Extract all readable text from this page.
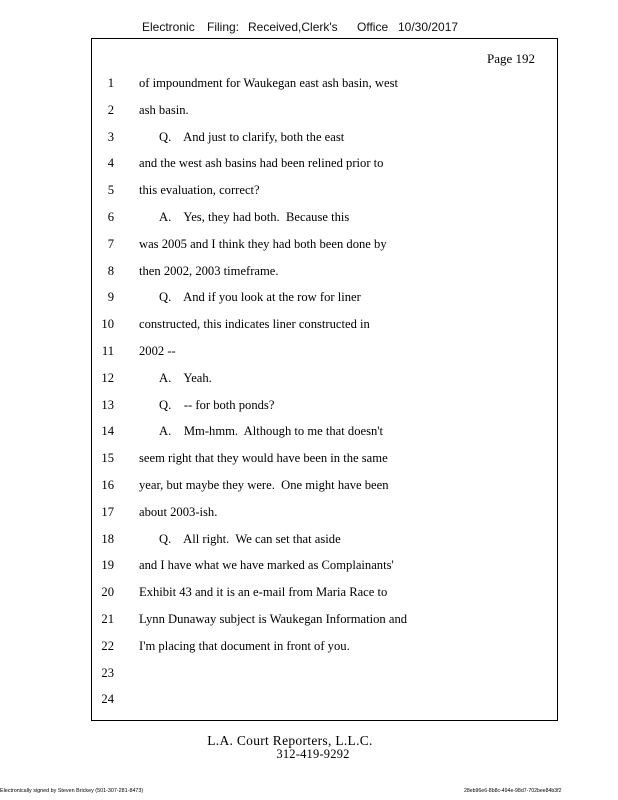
Electronic Filing: Received,Clerk's Office 10/30/2017
Page 192
1 of impoundment for Waukegan east ash basin, west
2 ash basin.
3	Q.    And just to clarify, both the east
4 and the west ash basins had been relined prior to
5 this evaluation, correct?
6	A.    Yes, they had both.  Because this
7 was 2005 and I think they had both been done by
8 then 2002, 2003 timeframe.
9	Q.    And if you look at the row for liner
10 constructed, this indicates liner constructed in
11 2002 --
12	A.    Yeah.
13	Q.    -- for both ponds?
14	A.    Mm-hmm.  Although to me that doesn't
15 seem right that they would have been in the same
16 year, but maybe they were.  One might have been
17 about 2003-ish.
18	Q.    All right.  We can set that aside
19 and I have what we have marked as Complainants'
20 Exhibit 43 and it is an e-mail from Maria Race to
21 Lynn Dunaway subject is Waukegan Information and
22 I'm placing that document in front of you.
23
24
L.A. Court Reporters, L.L.C.
312-419-9292
Electronically signed by Steven Brickey (501-307-281-8473)	28eb96e6-8b8c-494e-98d7-702bee84b3f2
